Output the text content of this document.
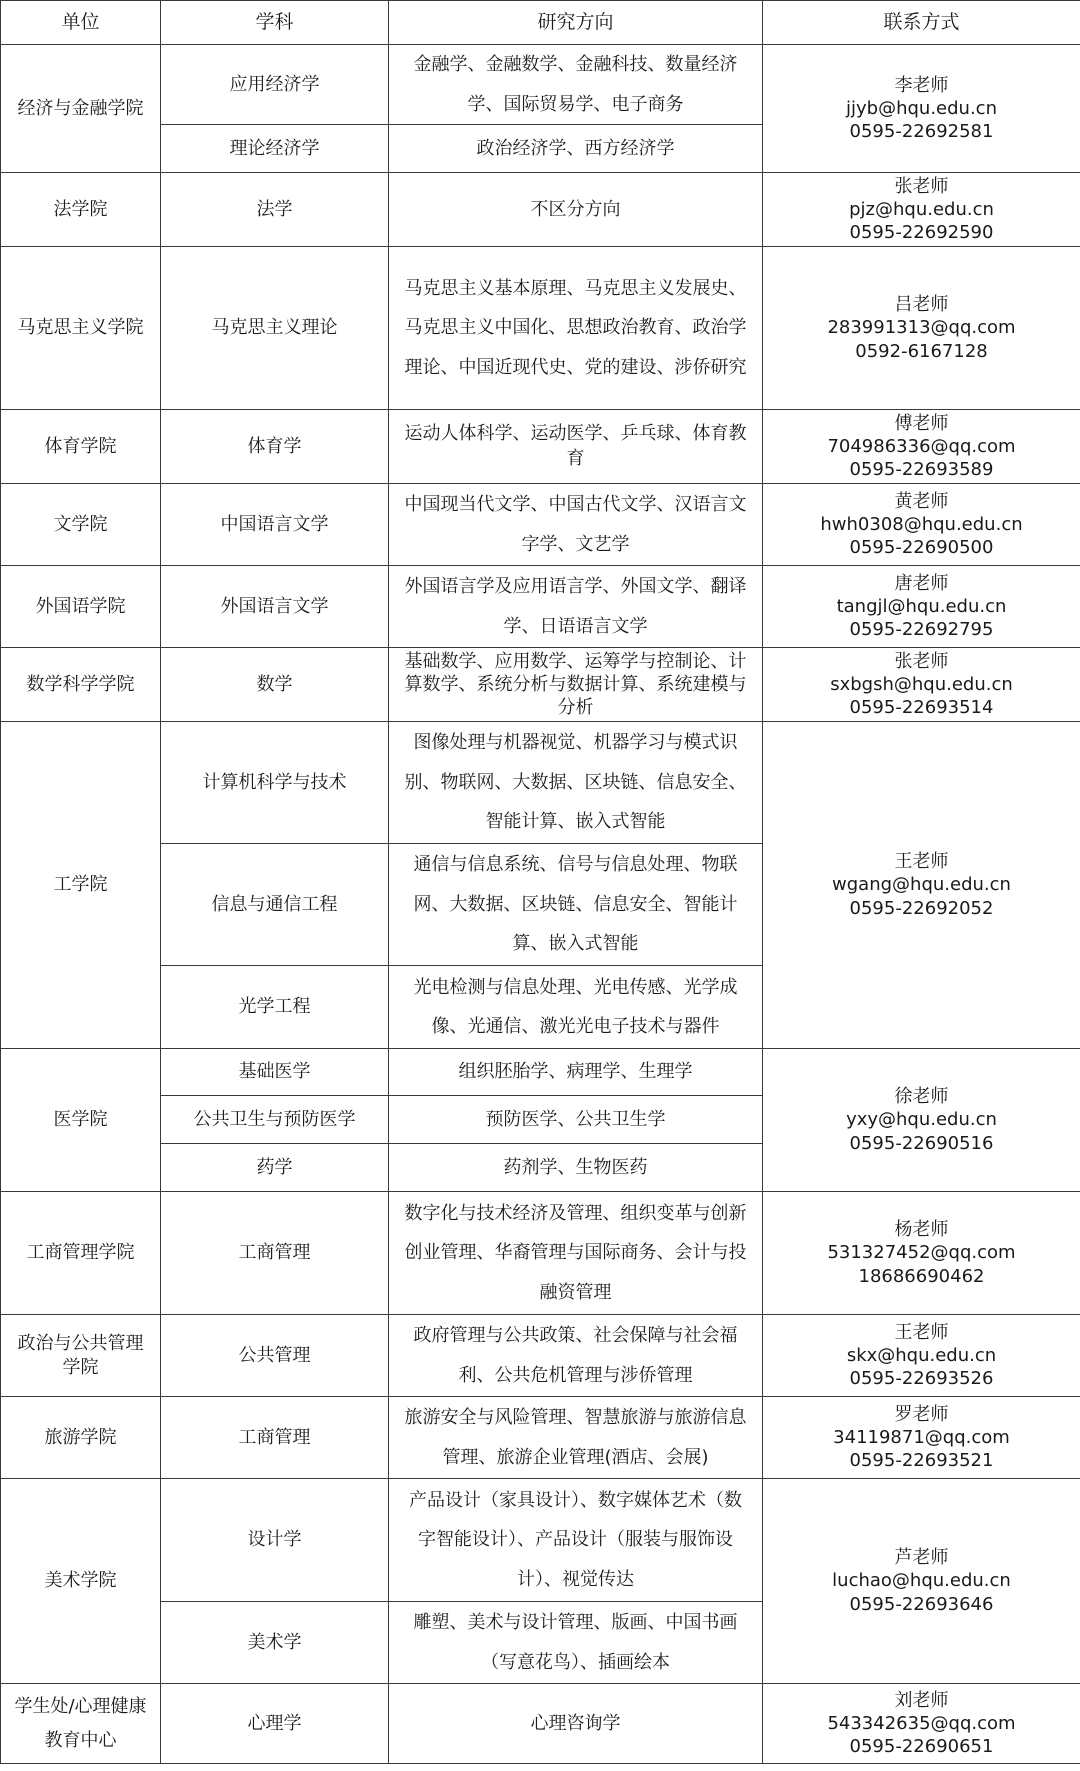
单位	学科	研究方向	联系方式
经济与金融学院	应用经济学	金融学、金融数学、金融科技、数量经济学、国际贸易学、电子商务	李老师
jjyb@hqu.edu.cn
0595-22692581

	理论经济学	政治经济学、西方经济学	
法学院	法学	不区分方向	张老师
pjz@hqu.edu.cn
0595-22692590

马克思主义学院	马克思主义理论	马克思主义基本原理、马克思主义发展史、马克思主义中国化、思想政治教育、政治学理论、中国近现代史、党的建设、涉侨研究	吕老师
283991313@qq.com
0592-6167128

体育学院	体育学	运动人体科学、运动医学、乒乓球、体育教育	傅老师
704986336@qq.com
0595-22693589

文学院	中国语言文学	中国现当代文学、中国古代文学、汉语言文字学、文艺学	黄老师
hwh0308@hqu.edu.cn
0595-22690500

外国语学院	外国语言文学	外国语言学及应用语言学、外国文学、翻译学、日语语言文学	唐老师
tangjl@hqu.edu.cn
0595-22692795

数学科学学院	数学	基础数学、应用数学、运筹学与控制论、计算数学、系统分析与数据计算、系统建模与分析	张老师
sxbgsh@hqu.edu.cn
0595-22693514

工学院	计算机科学与技术	图像处理与机器视觉、机器学习与模式识别、物联网、大数据、区块链、信息安全、智能计算、嵌入式智能	王老师
wgang@hqu.edu.cn
0595-22692052

	信息与通信工程	通信与信息系统、信号与信息处理、物联网、大数据、区块链、信息安全、智能计算、嵌入式智能	
	光学工程	光电检测与信息处理、光电传感、光学成像、光通信、激光光电子技术与器件	
医学院	基础医学	组织胚胎学、病理学、生理学	徐老师
yxy@hqu.edu.cn
0595-22690516

	公共卫生与预防医学	预防医学、公共卫生学	
	药学	药剂学、生物医药	
工商管理学院	工商管理	数字化与技术经济及管理、组织变革与创新创业管理、华裔管理与国际商务、会计与投融资管理	杨老师
531327452@qq.com
18686690462

政治与公共管理学院	公共管理	政府管理与公共政策、社会保障与社会福利、公共危机管理与涉侨管理	王老师
skx@hqu.edu.cn
0595-22693526

旅游学院	工商管理	旅游安全与风险管理、智慧旅游与旅游信息管理、旅游企业管理(酒店、会展)	罗老师
34119871@qq.com
0595-22693521

美术学院	设计学	产品设计（家具设计）、数字媒体艺术（数字智能设计）、产品设计（服装与服饰设计）、视觉传达	芦老师
luchao@hqu.edu.cn
0595-22693646

	美术学	雕塑、美术与设计管理、版画、中国书画（写意花鸟）、插画绘本	
学生处/心理健康教育中心	心理学	心理咨询学	刘老师
543342635@qq.com
0595-22690651
